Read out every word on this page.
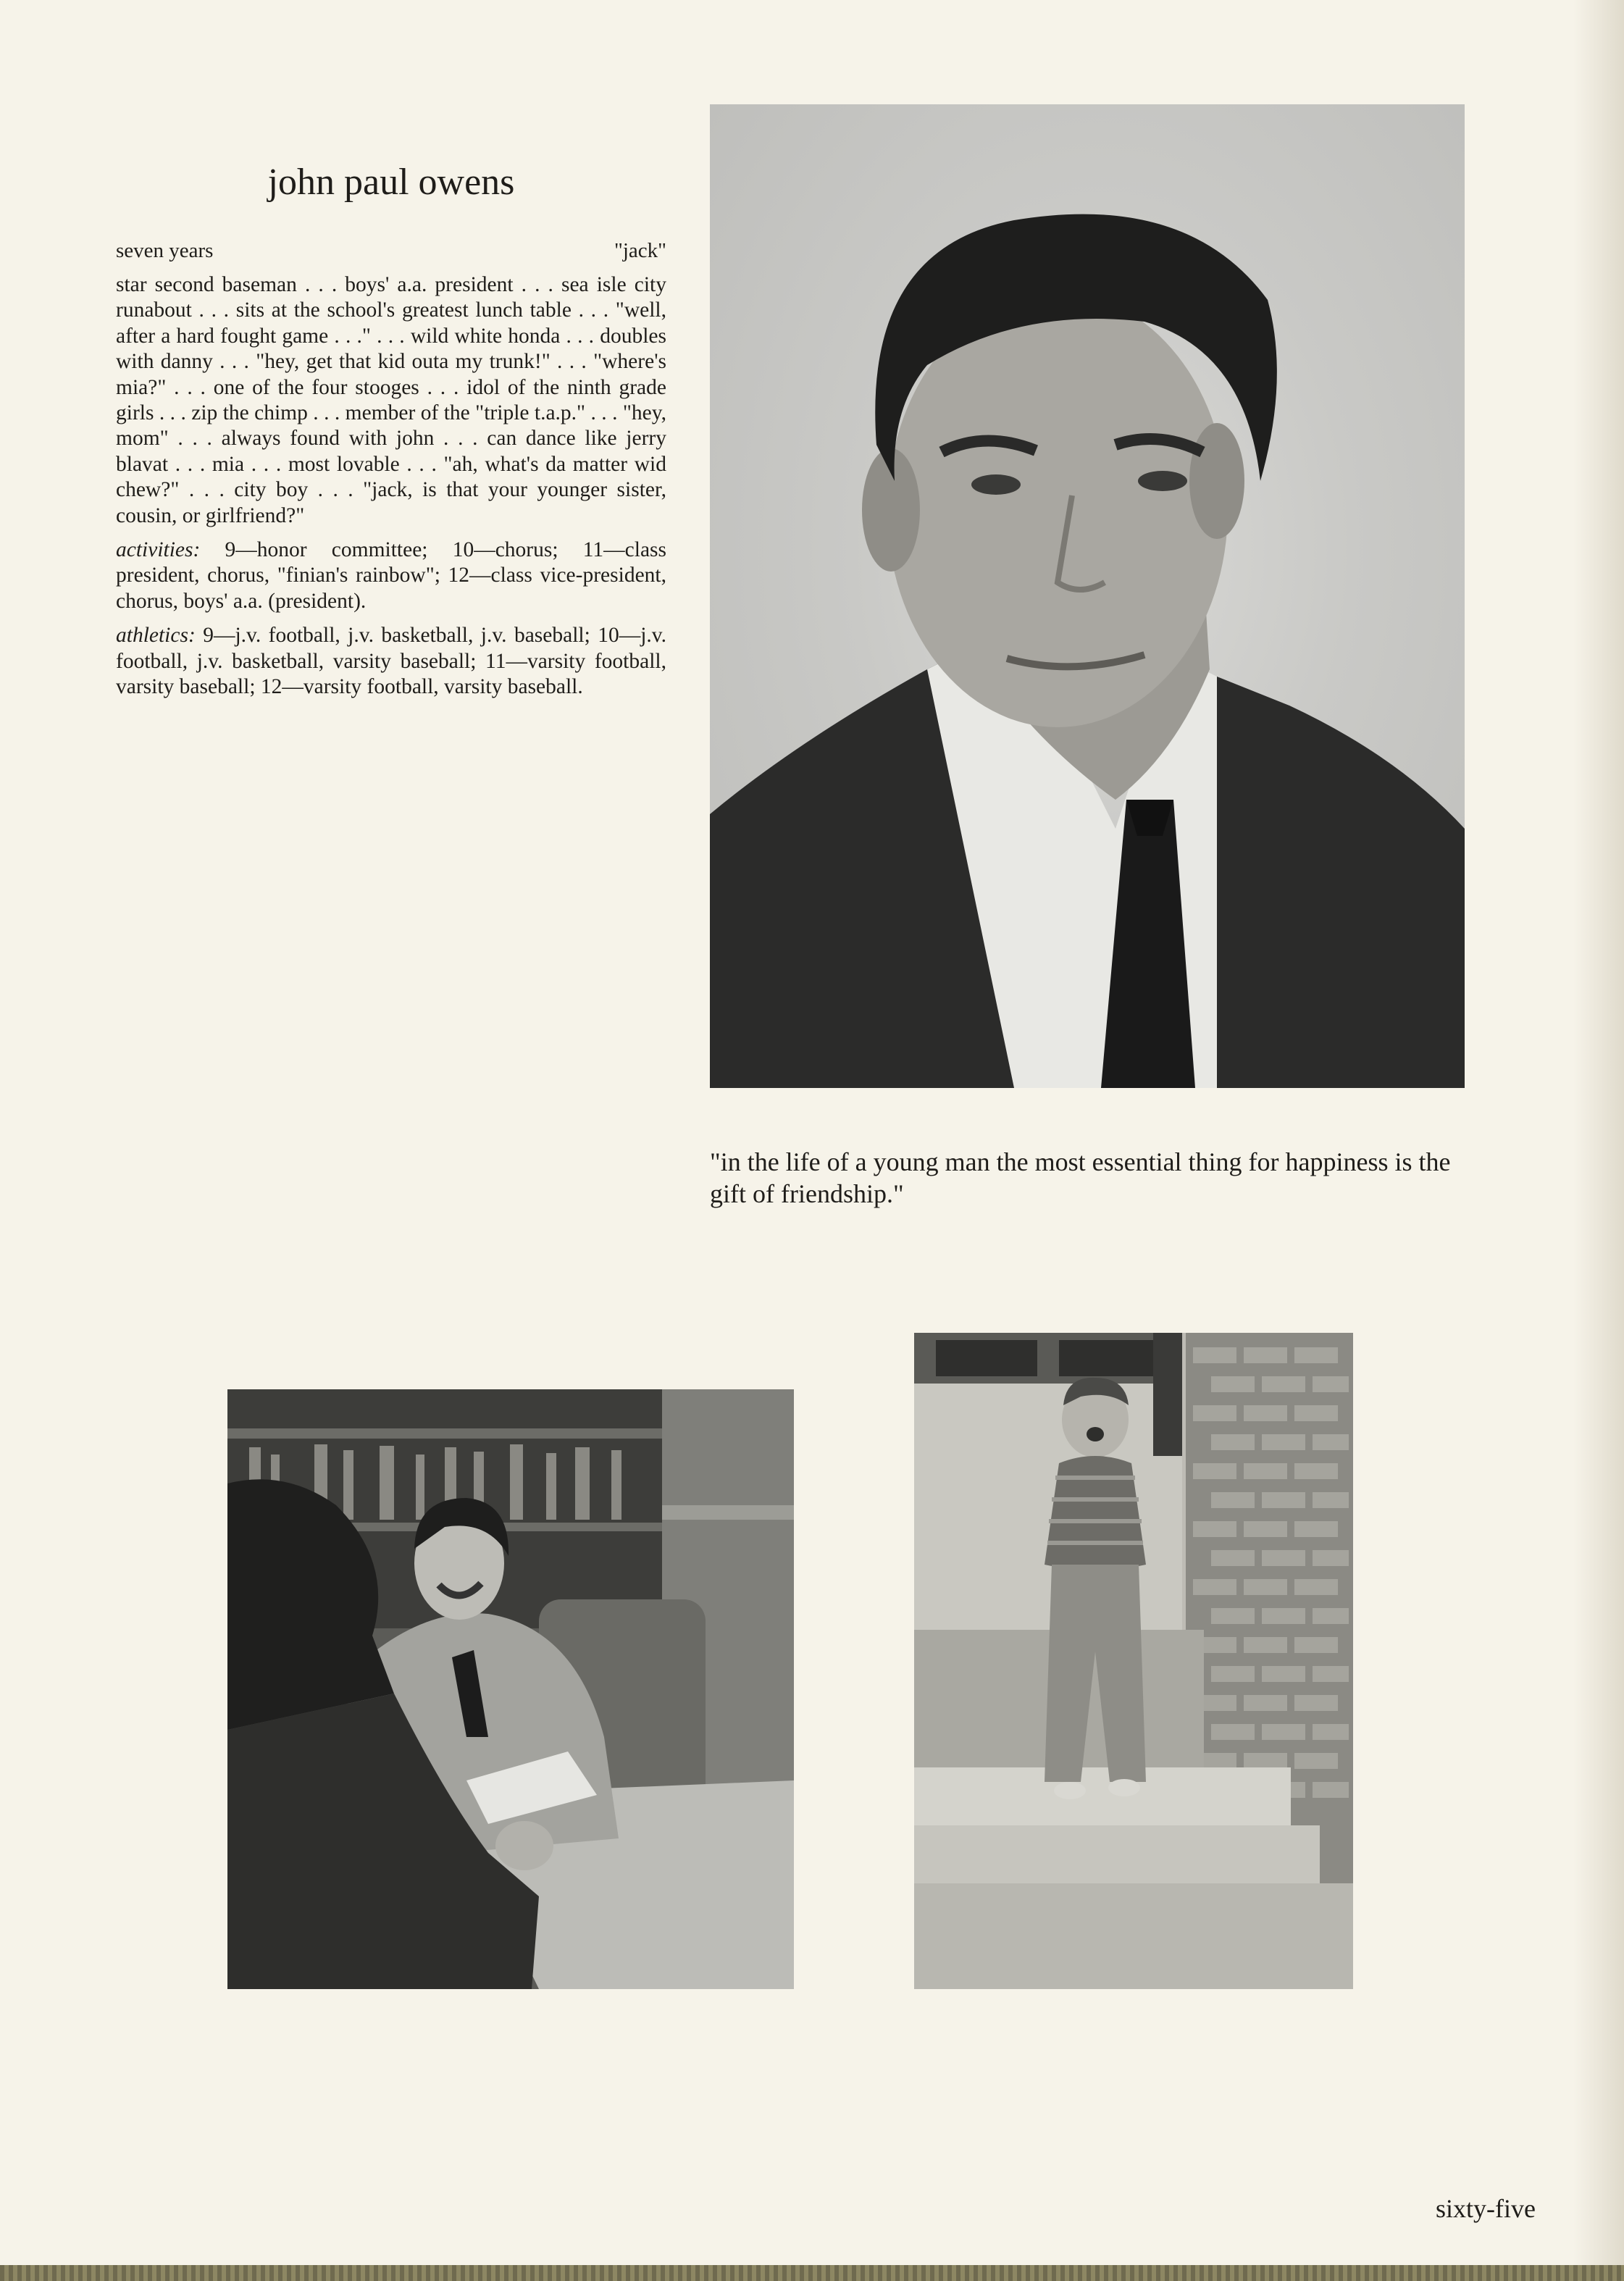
john paul owens
seven years	"jack"

star second baseman . . . boys' a.a. president . . . sea isle city runabout . . . sits at the school's greatest lunch table . . . "well, after a hard fought game . . ." . . . wild white honda . . . doubles with danny . . . "hey, get that kid outa my trunk!" . . . "where's mia?" . . . one of the four stooges . . . idol of the ninth grade girls . . . zip the chimp . . . member of the "triple t.a.p." . . . "hey, mom" . . . always found with john . . . can dance like jerry blavat . . . mia . . . most lovable . . . "ah, what's da matter wid chew?" . . . city boy . . . "jack, is that your younger sister, cousin, or girlfriend?"

activities: 9—honor committee; 10—chorus; 11—class president, chorus, "finian's rainbow"; 12—class vice-president, chorus, boys' a.a. (president).

athletics: 9—j.v. football, j.v. basketball, j.v. baseball; 10—j.v. football, j.v. basketball, varsity baseball; 11—varsity football, varsity baseball; 12—varsity football, varsity baseball.

"in the life of a young man the most essential thing for happiness is the gift of friendship."
sixty-five
